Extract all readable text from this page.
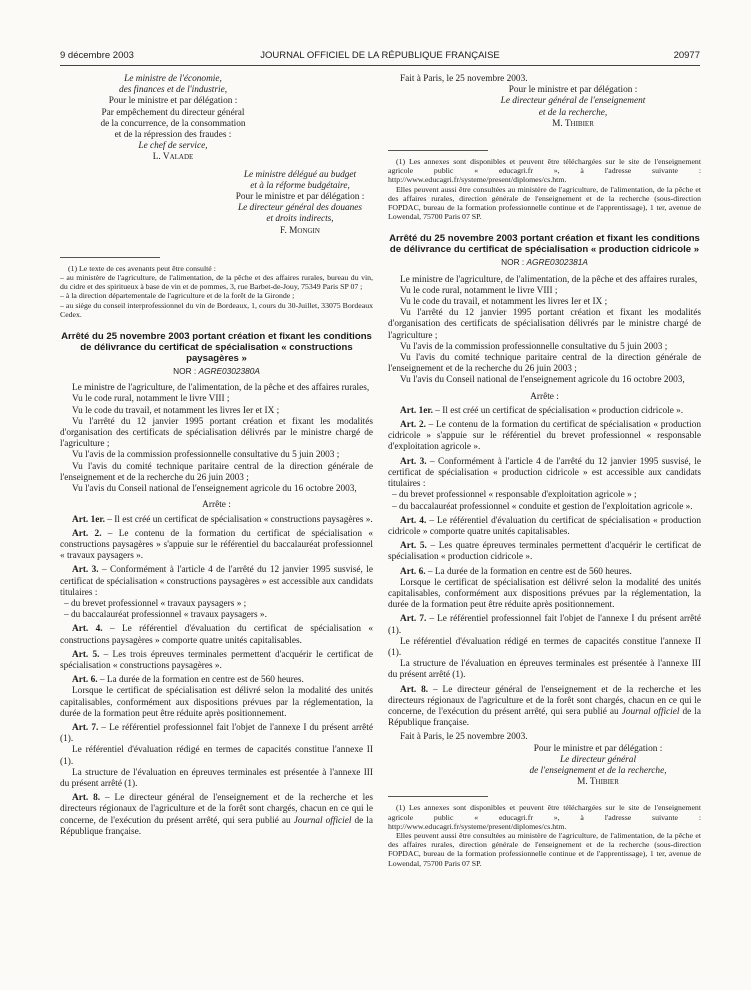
9 décembre 2003	JOURNAL OFFICIEL DE LA RÉPUBLIQUE FRANÇAISE	20977
Le ministre de l'économie,
des finances et de l'industrie,
Pour le ministre et par délégation :
Par empêchement du directeur général
de la concurrence, de la consommation
et de la répression des fraudes :
Le chef de service,
L. Valade
Le ministre délégué au budget
et à la réforme budgétaire,
Pour le ministre et par délégation :
Le directeur général des douanes
et droits indirects,
F. Mongin

(1) Le texte de ces avenants peut être consulté :

– au ministère de l'agriculture, de l'alimentation, de la pêche et des affaires rurales, bureau du vin, du cidre et des spiritueux à base de vin et de pommes, 3, rue Barbet-de-Jouy, 75349 Paris SP 07 ;

– à la direction départementale de l'agriculture et de la forêt de la Gironde ;

– au siège du conseil interprofessionnel du vin de Bordeaux, 1, cours du 30-Juillet, 33075 Bordeaux Cedex.

Arrêté du 25 novembre 2003 portant création et fixant les conditions de délivrance du certificat de spécialisation « constructions paysagères »
NOR : AGRE0302380A

Le ministre de l'agriculture, de l'alimentation, de la pêche et des affaires rurales,

Vu le code rural, notamment le livre VIII ;

Vu le code du travail, et notamment les livres Ier et IX ;

Vu l'arrêté du 12 janvier 1995 portant création et fixant les modalités d'organisation des certificats de spécialisation délivrés par le ministre chargé de l'agriculture ;

Vu l'avis de la commission professionnelle consultative du 5 juin 2003 ;

Vu l'avis du comité technique paritaire central de la direction générale de l'enseignement et de la recherche du 26 juin 2003 ;

Vu l'avis du Conseil national de l'enseignement agricole du 16 octobre 2003,

Arrête :

Art. 1er. – Il est créé un certificat de spécialisation « constructions paysagères ».

Art. 2. – Le contenu de la formation du certificat de spécialisation « constructions paysagères » s'appuie sur le référentiel du baccalauréat professionnel « travaux paysagers ».

Art. 3. – Conformément à l'article 4 de l'arrêté du 12 janvier 1995 susvisé, le certificat de spécialisation « constructions paysagères » est accessible aux candidats titulaires :

– du brevet professionnel « travaux paysagers » ;

– du baccalauréat professionnel « travaux paysagers ».

Art. 4. – Le référentiel d'évaluation du certificat de spécialisation « constructions paysagères » comporte quatre unités capitalisables.

Art. 5. – Les trois épreuves terminales permettent d'acquérir le certificat de spécialisation « constructions paysagères ».

Art. 6. – La durée de la formation en centre est de 560 heures.

Lorsque le certificat de spécialisation est délivré selon la modalité des unités capitalisables, conformément aux dispositions prévues par la réglementation, la durée de la formation peut être réduite après positionnement.

Art. 7. – Le référentiel professionnel fait l'objet de l'annexe I du présent arrêté (1).

Le référentiel d'évaluation rédigé en termes de capacités constitue l'annexe II (1).

La structure de l'évaluation en épreuves terminales est présentée à l'annexe III du présent arrêté (1).

Art. 8. – Le directeur général de l'enseignement et de la recherche et les directeurs régionaux de l'agriculture et de la forêt sont chargés, chacun en ce qui le concerne, de l'exécution du présent arrêté, qui sera publié au Journal officiel de la République française.

Fait à Paris, le 25 novembre 2003.

Pour le ministre et par délégation :
Le directeur général de l'enseignement
et de la recherche,
M. Thibier

(1) Les annexes sont disponibles et peuvent être téléchargées sur le site de l'enseignement agricole public « educagri.fr », à l'adresse suivante : http://www.educagri.fr/systeme/present/diplomes/cs.htm.

Elles peuvent aussi être consultées au ministère de l'agriculture, de l'alimentation, de la pêche et des affaires rurales, direction générale de l'enseignement et de la recherche (sous-direction FOPDAC, bureau de la formation professionnelle continue et de l'apprentissage), 1 ter, avenue de Lowendal, 75700 Paris 07 SP.

Arrêté du 25 novembre 2003 portant création et fixant les conditions de délivrance du certificat de spécialisation « production cidricole »
NOR : AGRE0302381A

Le ministre de l'agriculture, de l'alimentation, de la pêche et des affaires rurales,

Vu le code rural, notamment le livre VIII ;

Vu le code du travail, et notamment les livres Ier et IX ;

Vu l'arrêté du 12 janvier 1995 portant création et fixant les modalités d'organisation des certificats de spécialisation délivrés par le ministre chargé de l'agriculture ;

Vu l'avis de la commission professionnelle consultative du 5 juin 2003 ;

Vu l'avis du comité technique paritaire central de la direction générale de l'enseignement et de la recherche du 26 juin 2003 ;

Vu l'avis du Conseil national de l'enseignement agricole du 16 octobre 2003,

Arrête :

Art. 1er. – Il est créé un certificat de spécialisation « production cidricole ».

Art. 2. – Le contenu de la formation du certificat de spécialisation « production cidricole » s'appuie sur le référentiel du brevet professionnel « responsable d'exploitation agricole ».

Art. 3. – Conformément à l'article 4 de l'arrêté du 12 janvier 1995 susvisé, le certificat de spécialisation « production cidricole » est accessible aux candidats titulaires :

– du brevet professionnel « responsable d'exploitation agricole » ;

– du baccalauréat professionnel « conduite et gestion de l'exploitation agricole ».

Art. 4. – Le référentiel d'évaluation du certificat de spécialisation « production cidricole » comporte quatre unités capitalisables.

Art. 5. – Les quatre épreuves terminales permettent d'acquérir le certificat de spécialisation « production cidricole ».

Art. 6. – La durée de la formation en centre est de 560 heures.

Lorsque le certificat de spécialisation est délivré selon la modalité des unités capitalisables, conformément aux dispositions prévues par la réglementation, la durée de la formation peut être réduite après positionnement.

Art. 7. – Le référentiel professionnel fait l'objet de l'annexe I du présent arrêté (1).

Le référentiel d'évaluation rédigé en termes de capacités constitue l'annexe II (1).

La structure de l'évaluation en épreuves terminales est présentée à l'annexe III du présent arrêté (1).

Art. 8. – Le directeur général de l'enseignement et de la recherche et les directeurs régionaux de l'agriculture et de la forêt sont chargés, chacun en ce qui le concerne, de l'exécution du présent arrêté, qui sera publié au Journal officiel de la République française.

Fait à Paris, le 25 novembre 2003.

Pour le ministre et par délégation :
Le directeur général
de l'enseignement et de la recherche,
M. Thibier

(1) Les annexes sont disponibles et peuvent être téléchargées sur le site de l'enseignement agricole public « educagri.fr », à l'adresse suivante : http://www.educagri.fr/systeme/present/diplomes/cs.htm.

Elles peuvent aussi être consultées au ministère de l'agriculture, de l'alimentation, de la pêche et des affaires rurales, direction générale de l'enseignement et de la recherche (sous-direction FOPDAC, bureau de la formation professionnelle continue et de l'apprentissage), 1 ter, avenue de Lowendal, 75700 Paris 07 SP.
